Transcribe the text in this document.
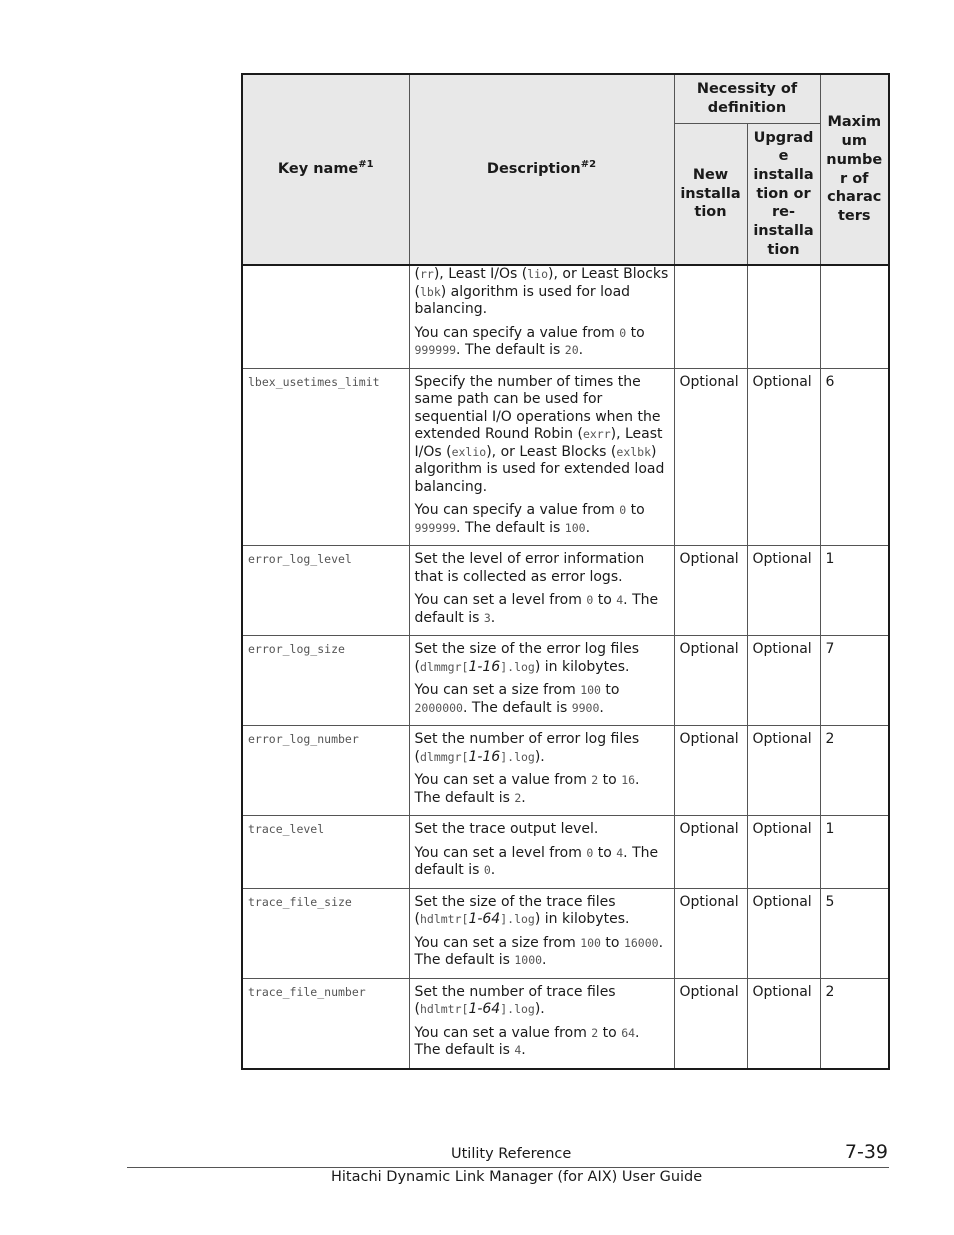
Key name$^{\#1}$	Description$^{\#2}$	Necessity of definition		Maxim um numbe r of charac ters
		New installa tion	Upgrad e installa tion or re- installa tion	

	(rr), Least I/Os (lio), or Least Blocks (lbk) algorithm is used for load balancing.

You can specify a value from 0 to 999999. The default is 20.			

lbex_usetimes_limit	Specify the number of times the same path can be used for sequential I/O operations when the extended Round Robin (exrr), Least I/Os (exlio), or Least Blocks (exlbk) algorithm is used for extended load balancing.

You can specify a value from 0 to 999999. The default is 100.	Optional	Optional	6
error_log_level	Set the level of error information that is collected as error logs.

You can set a level from 0 to 4. The default is 3.	Optional	Optional	1
error_log_size	Set the size of the error log files (dlmmgr[1-16].log) in kilobytes.

You can set a size from 100 to 2000000. The default is 9900.	Optional	Optional	7
error_log_number	Set the number of error log files (dlmmgr[1-16].log).

You can set a value from 2 to 16. The default is 2.	Optional	Optional	2
trace_level	Set the trace output level.

You can set a level from 0 to 4. The default is 0.	Optional	Optional	1
trace_file_size	Set the size of the trace files (hdlmtr[1-64].log) in kilobytes.

You can set a size from 100 to 16000. The default is 1000.	Optional	Optional	5
trace_file_number	Set the number of trace files (hdlmtr[1-64].log).

You can set a value from 2 to 64. The default is 4.	Optional	Optional	2
Utility Reference	7-39
Hitachi Dynamic Link Manager (for AIX) User Guide
